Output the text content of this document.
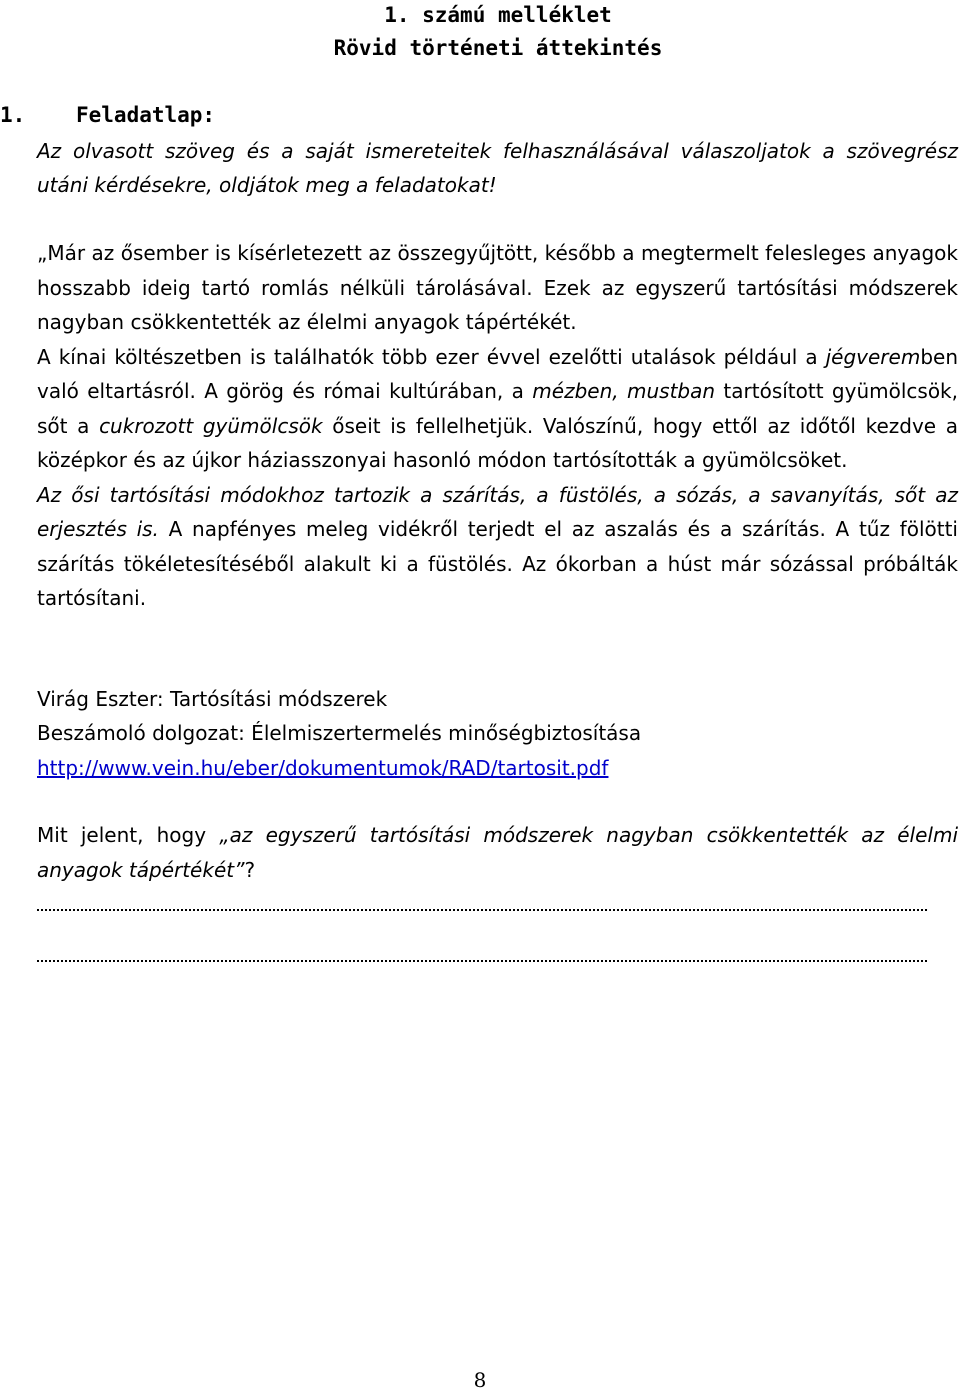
1. számú melléklet
Rövid történeti áttekintés
1. Feladatlap:
Az olvasott szöveg és a saját ismereteitek felhasználásával válaszoljatok a szövegrész utáni kérdésekre, oldjátok meg a feladatokat!

„Már az ősember is kísérletezett az összegyűjtött, később a megtermelt felesleges anyagok hosszabb ideig tartó romlás nélküli tárolásával. Ezek az egyszerű tartósítási módszerek nagyban csökkentették az élelmi anyagok tápértékét.

A kínai költészetben is találhatók több ezer évvel ezelőtti utalások például a jégveremben való eltartásról. A görög és római kultúrában, a mézben, mustban tartósított gyümölcsök, sőt a cukrozott gyümölcsök őseit is fellelhetjük. Valószínű, hogy ettől az időtől kezdve a középkor és az újkor háziasszonyai hasonló módon tartósították a gyümölcsöket.

Az ősi tartósítási módokhoz tartozik a szárítás, a füstölés, a sózás, a savanyítás, sőt az erjesztés is. A napfényes meleg vidékről terjedt el az aszalás és a szárítás. A tűz fölötti szárítás tökéletesítéséből alakult ki a füstölés. Az ókorban a húst már sózással próbálták tartósítani.

Virág Eszter: Tartósítási módszerek
Beszámoló dolgozat: Élelmiszertermelés minőségbiztosítása
http://www.vein.hu/eber/dokumentumok/RAD/tartosit.pdf
Mit jelent, hogy „az egyszerű tartósítási módszerek nagyban csökkentették az élelmi anyagok tápértékét”?
8
